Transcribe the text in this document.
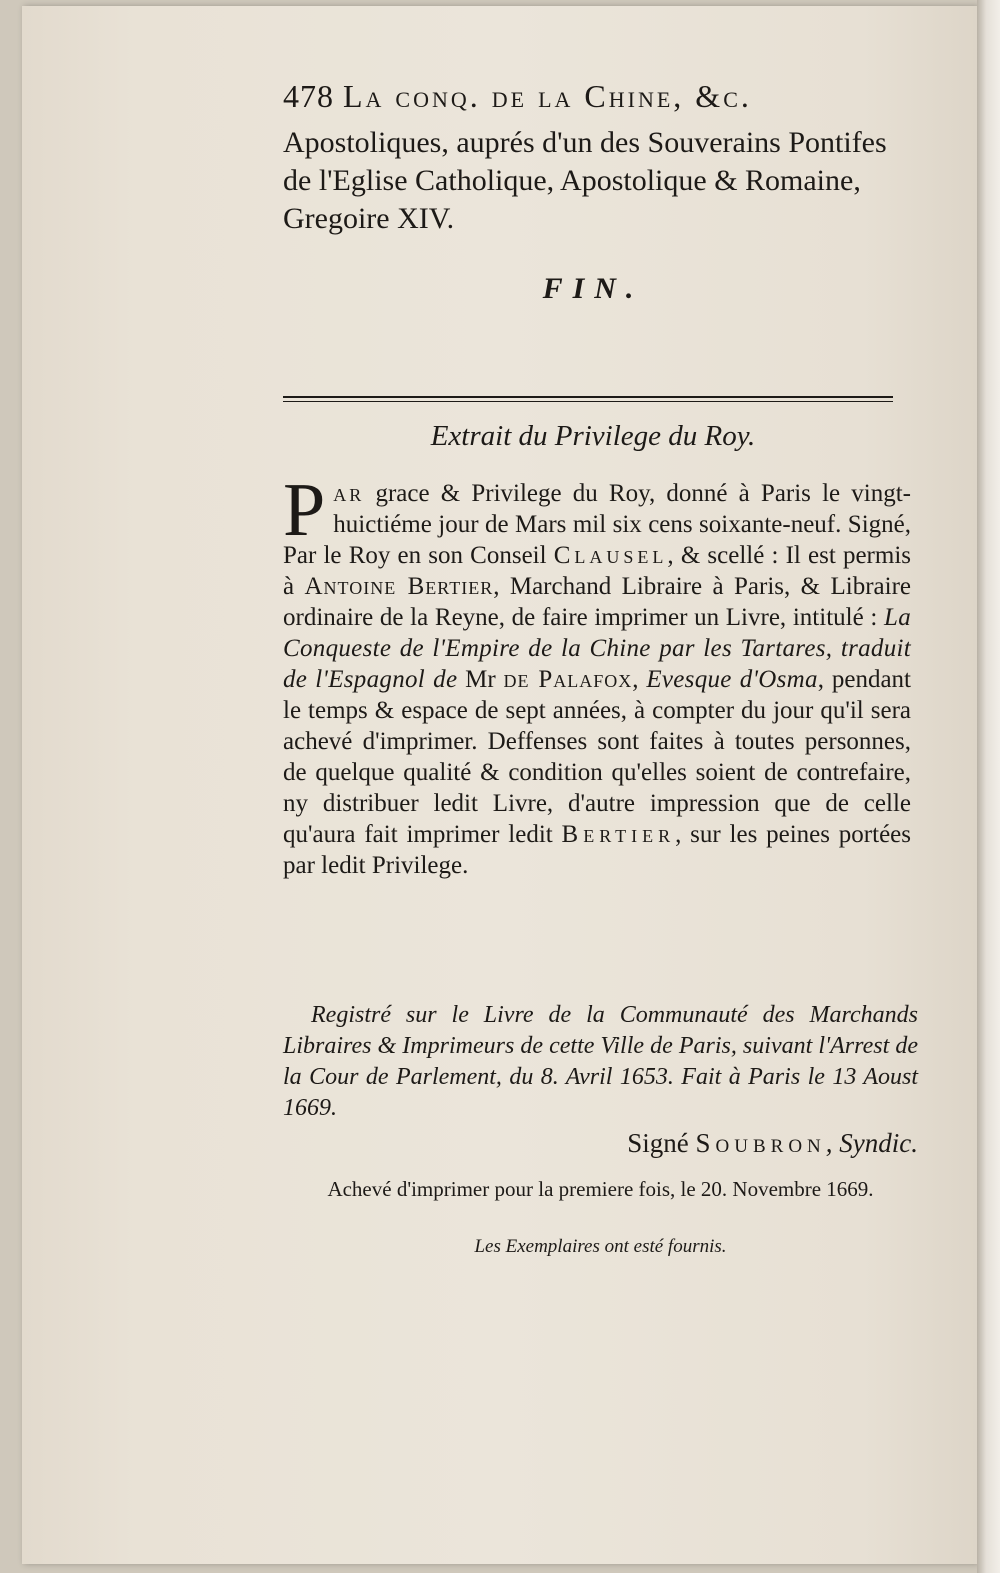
478 La conq. de la Chine, &c.
Apostoliques, auprés d'un des Souverains Pontifes de l'Eglise Catholique, Apostolique & Romaine, Gregoire XIV.
FIN.
Extrait du Privilege du Roy.
Par grace & Privilege du Roy, donné à Paris le vingt-huictiéme jour de Mars mil six cens soixante-neuf. Signé, Par le Roy en son Conseil Clausel, & scellé : Il est permis à Antoine Bertier, Marchand Libraire à Paris, & Libraire ordinaire de la Reyne, de faire imprimer un Livre, intitulé : La Conqueste de l'Empire de la Chine par les Tartares, traduit de l'Espagnol de Mr de Palafox, Evesque d'Osma, pendant le temps & espace de sept années, à compter du jour qu'il sera achevé d'imprimer. Deffenses sont faites à toutes personnes, de quelque qualité & condition qu'elles soient de contrefaire, ny distribuer ledit Livre, d'autre impression que de celle qu'aura fait imprimer ledit Bertier, sur les peines portées par ledit Privilege.
Registré sur le Livre de la Communauté des Marchands Libraires & Imprimeurs de cette Ville de Paris, suivant l'Arrest de la Cour de Parlement, du 8. Avril 1653. Fait à Paris le 13 Aoust 1669.
Signé Soubron, Syndic.
Achevé d'imprimer pour la premiere fois, le 20. Novembre 1669.
Les Exemplaires ont esté fournis.
